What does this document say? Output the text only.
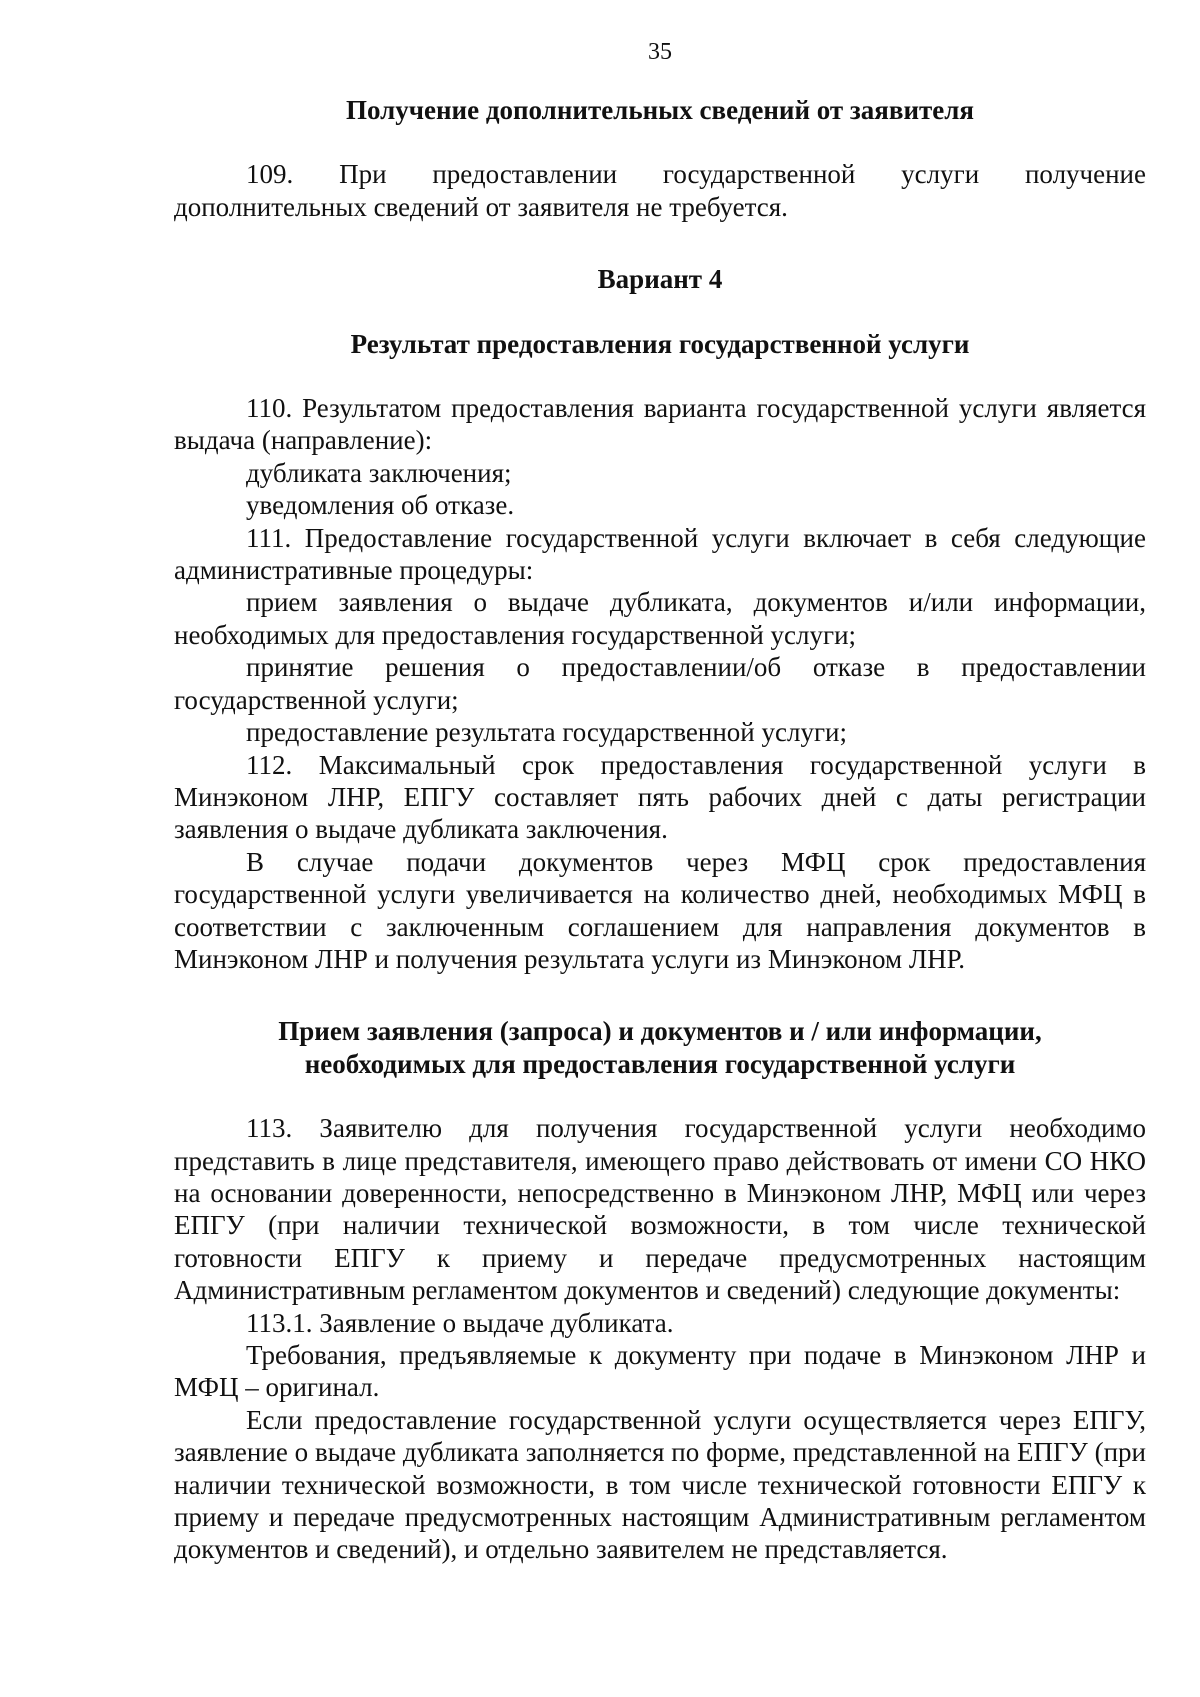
35
Получение дополнительных сведений от заявителя

109. При предоставлении государственной услуги получение дополнительных сведений от заявителя не требуется.

Вариант 4
Результат предоставления государственной услуги

110. Результатом предоставления варианта государственной услуги является выдача (направление):

дубликата заключения;

уведомления об отказе.

111. Предоставление государственной услуги включает в себя следующие административные процедуры:

прием заявления о выдаче дубликата, документов и/или информации, необходимых для предоставления государственной услуги;

принятие решения о предоставлении/об отказе в предоставлении государственной услуги;

предоставление результата государственной услуги;

112. Максимальный срок предоставления государственной услуги в Минэконом ЛНР, ЕПГУ составляет пять рабочих дней с даты регистрации заявления о выдаче дубликата заключения.

В случае подачи документов через МФЦ срок предоставления государственной услуги увеличивается на количество дней, необходимых МФЦ в соответствии с заключенным соглашением для направления документов в Минэконом ЛНР и получения результата услуги из Минэконом ЛНР.

Прием заявления (запроса) и документов и / или информации,
необходимых для предоставления государственной услуги

113. Заявителю для получения государственной услуги необходимо представить в лице представителя, имеющего право действовать от имени СО НКО на основании доверенности, непосредственно в Минэконом ЛНР, МФЦ или через ЕПГУ (при наличии технической возможности, в том числе технической готовности ЕПГУ к приему и передаче предусмотренных настоящим Административным регламентом документов и сведений) следующие документы:

113.1. Заявление о выдаче дубликата.

Требования, предъявляемые к документу при подаче в Минэконом ЛНР и МФЦ – оригинал.

Если предоставление государственной услуги осуществляется через ЕПГУ, заявление о выдаче дубликата заполняется по форме, представленной на ЕПГУ (при наличии технической возможности, в том числе технической готовности ЕПГУ к приему и передаче предусмотренных настоящим Административным регламентом документов и сведений), и отдельно заявителем не представляется.
